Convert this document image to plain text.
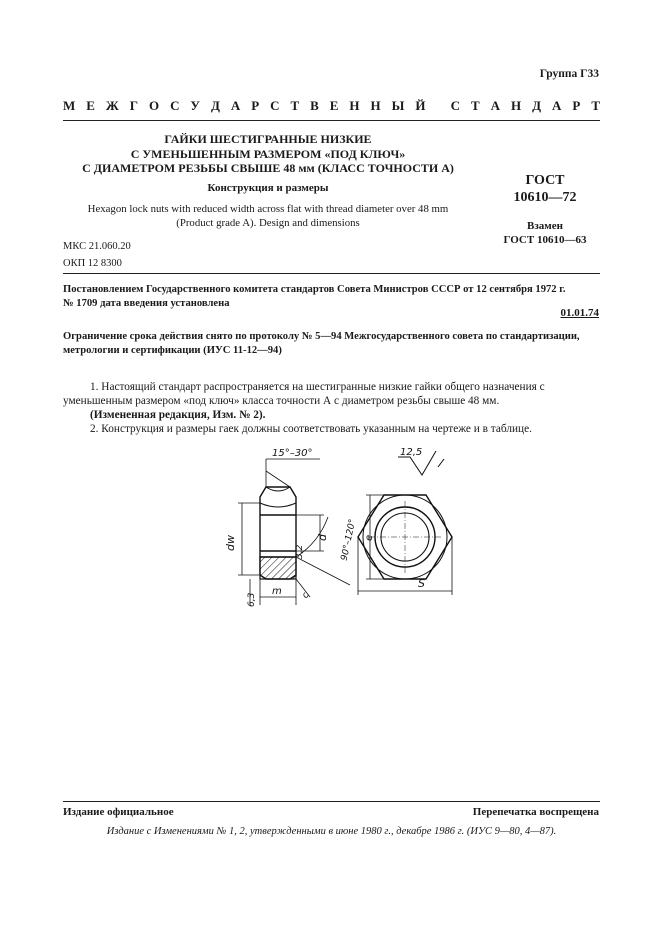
Группа Г33
М Е Ж Г О С У Д А Р С Т В Е Н Н Ы Й
С Т А Н Д А Р Т
ГАЙКИ ШЕСТИГРАННЫЕ НИЗКИЕ
С УМЕНЬШЕННЫМ РАЗМЕРОМ «ПОД КЛЮЧ»
С ДИАМЕТРОМ РЕЗЬБЫ СВЫШЕ 48 мм (КЛАСС ТОЧНОСТИ А)
Конструкция и размеры
Hexagon lock nuts with reduced width across flat with thread diameter over 48 mm
(Product grade A). Design and dimensions
ГОСТ
10610—72
Взамен
ГОСТ 10610—63
МКС 21.060.20
ОКП 12 8300
Постановлением Государственного комитета стандартов Совета Министров СССР от 12 сентября 1972 г.
№ 1709 дата введения установлена
01.01.74
Ограничение срока действия снято по протоколу № 5—94 Межгосударственного совета по стандартизации,
метрологии и сертификации (ИУС 11-12—94)
1. Настоящий стандарт распространяется на шестигранные низкие гайки общего назначения с
уменьшенным размером «под ключ» класса точности А с диаметром резьбы свыше 48 мм.
(Измененная редакция, Изм. № 2).
2. Конструкция и размеры гаек должны соответствовать указанным на чертеже и в таблице.
15°–30°
dw	d
3,2	90°–120°
m
6,3	c
12,5
e
S
Издание официальное	Перепечатка воспрещена
Издание с Изменениями № 1, 2, утвержденными в июне 1980 г., декабре 1986 г. (ИУС 9—80, 4—87).
